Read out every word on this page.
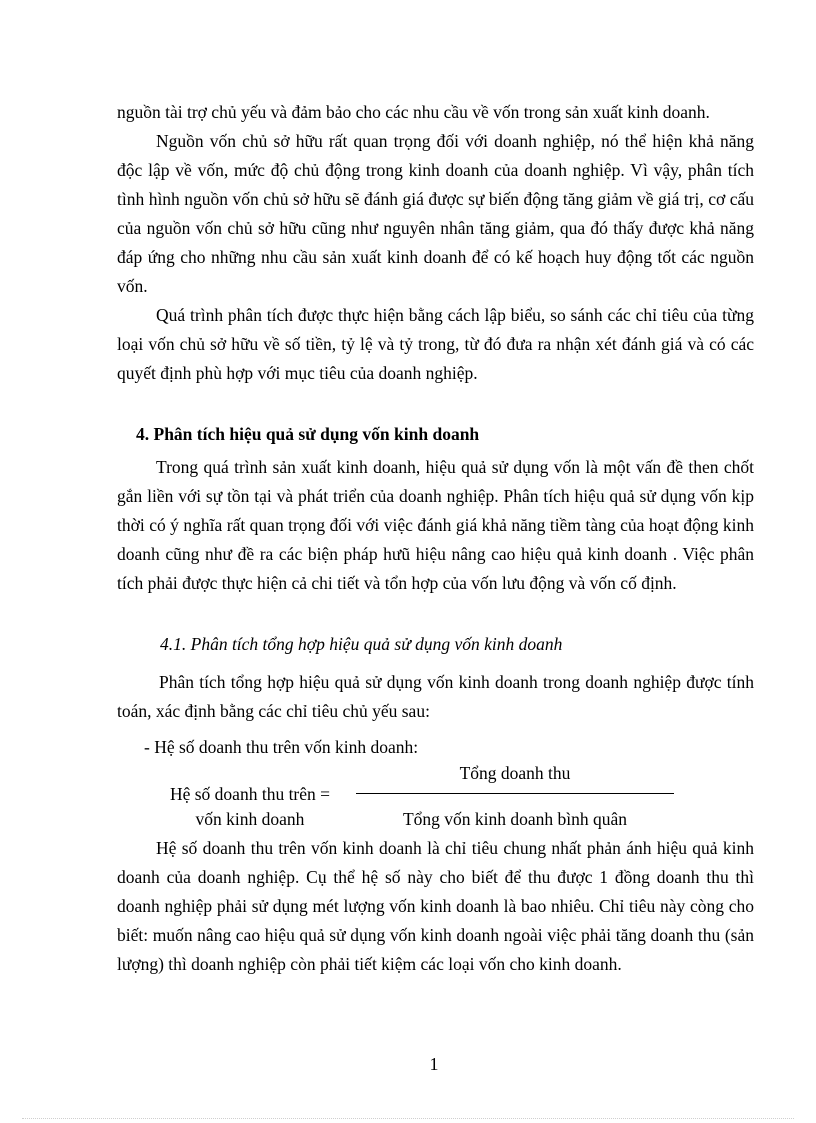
nguồn tài trợ chủ yếu và đảm bảo cho các nhu cầu về vốn trong sản xuất kinh doanh.

Nguồn vốn chủ sở hữu rất quan trọng đối với doanh nghiệp, nó thể hiện khả năng độc lập về vốn, mức độ chủ động trong kinh doanh của doanh nghiệp. Vì vậy, phân tích tình hình nguồn vốn chủ sở hữu sẽ đánh giá được sự biến động tăng giảm về giá trị, cơ cấu của nguồn vốn chủ sở hữu cũng như nguyên nhân tăng giảm, qua đó thấy được khả năng đáp ứng cho những nhu cầu sản xuất kinh doanh để có kế hoạch huy động tốt các nguồn vốn.

Quá trình phân tích được thực hiện bằng cách lập biểu, so sánh các chỉ tiêu của từng loại vốn chủ sở hữu về số tiền, tỷ lệ và tỷ trong, từ đó đưa ra nhận xét đánh giá và có các quyết định phù hợp với mục tiêu của doanh nghiệp.

4. Phân tích hiệu quả sử dụng vốn kinh doanh

Trong quá trình sản xuất kinh doanh, hiệu quả sử dụng vốn là một vấn đề then chốt gắn liền với sự tồn tại và phát triển của doanh nghiệp. Phân tích hiệu quả sử dụng vốn kịp thời có ý nghĩa rất quan trọng đối với việc đánh giá khả năng tiềm tàng của hoạt động kinh doanh cũng như đề ra các biện pháp hưũ hiệu nâng cao hiệu quả kinh doanh . Việc phân tích phải được thực hiện cả chi tiết và tổn hợp của vốn lưu động và vốn cố định.

4.1. Phân tích tổng hợp hiệu quả sử dụng vốn kinh doanh

Phân tích tổng hợp hiệu quả sử dụng vốn kinh doanh trong doanh nghiệp được tính toán, xác định bằng các chỉ tiêu chủ yếu sau:

- Hệ số doanh thu trên vốn kinh doanh:

Hệ số doanh thu trên =
vốn kinh doanh
Tổng doanh thu
Tổng vốn kinh doanh bình quân

Hệ số doanh thu trên vốn kinh doanh là chỉ tiêu chung nhất phản ánh hiệu quả kinh doanh của doanh nghiệp. Cụ thể hệ số này cho biết để thu được 1 đồng doanh thu thì doanh nghiệp phải sử dụng mét lượng vốn kinh doanh là bao nhiêu. Chỉ tiêu này còng cho biết: muốn nâng cao hiệu quả sử dụng vốn kinh doanh ngoài việc phải tăng doanh thu (sản lượng) thì doanh nghiệp còn phải tiết kiệm các loại vốn cho kinh doanh.

1
